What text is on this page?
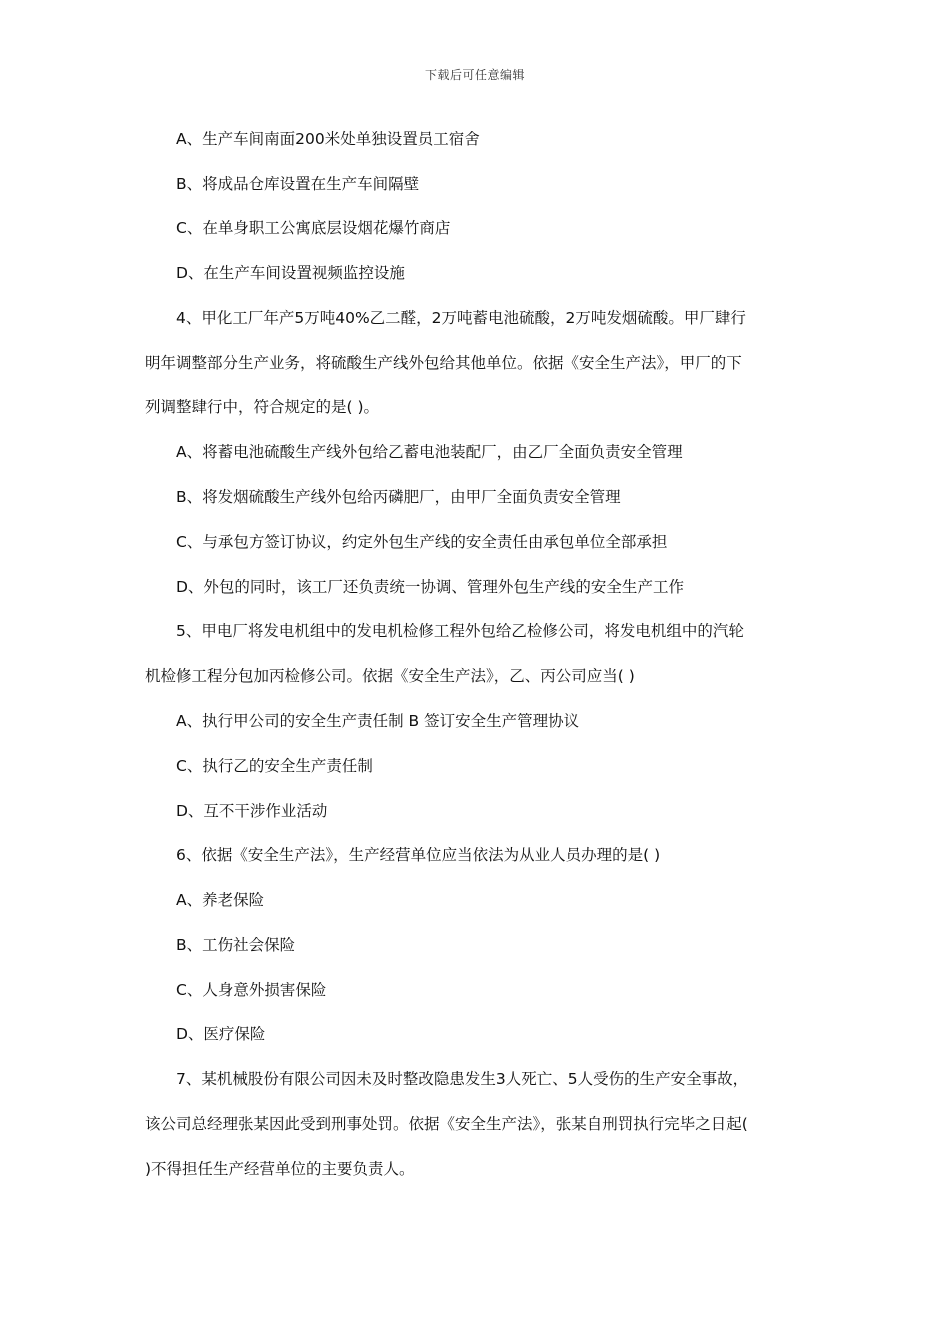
下载后可任意编辑
A、生产车间南面200米处单独设置员工宿舍
B、将成品仓库设置在生产车间隔壁
C、在单身职工公寓底层设烟花爆竹商店
D、在生产车间设置视频监控设施
4、甲化工厂年产5万吨40%乙二醛，2万吨蓄电池硫酸，2万吨发烟硫酸。甲厂肆行
明年调整部分生产业务，将硫酸生产线外包给其他单位。依据《安全生产法》，甲厂的下
列调整肆行中，符合规定的是( )。
A、将蓄电池硫酸生产线外包给乙蓄电池装配厂，由乙厂全面负责安全管理
B、将发烟硫酸生产线外包给丙磷肥厂，由甲厂全面负责安全管理
C、与承包方签订协议，约定外包生产线的安全责任由承包单位全部承担
D、外包的同时，该工厂还负责统一协调、管理外包生产线的安全生产工作
5、甲电厂将发电机组中的发电机检修工程外包给乙检修公司，将发电机组中的汽轮
机检修工程分包加丙检修公司。依据《安全生产法》，乙、丙公司应当( )
A、执行甲公司的安全生产责任制 B 签订安全生产管理协议
C、执行乙的安全生产责任制
D、互不干涉作业活动
6、依据《安全生产法》，生产经营单位应当依法为从业人员办理的是( )
A、养老保险
B、工伤社会保险
C、人身意外损害保险
D、医疗保险
7、某机械股份有限公司因未及时整改隐患发生3人死亡、5人受伤的生产安全事故，
该公司总经理张某因此受到刑事处罚。依据《安全生产法》，张某自刑罚执行完毕之日起(
)不得担任生产经营单位的主要负责人。
